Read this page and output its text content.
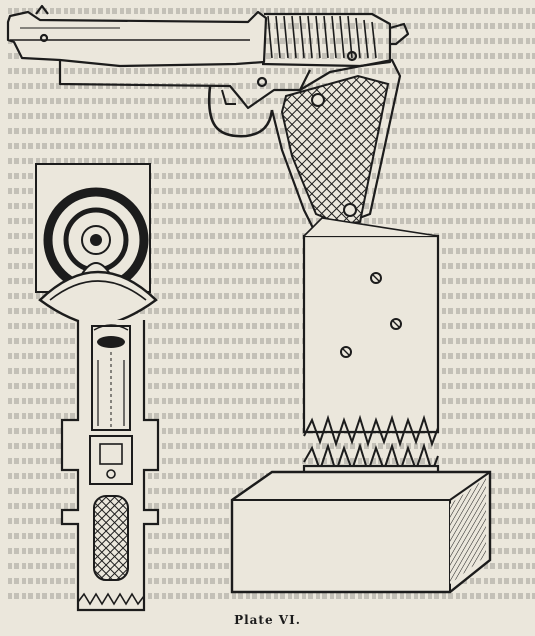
Plate VI.
